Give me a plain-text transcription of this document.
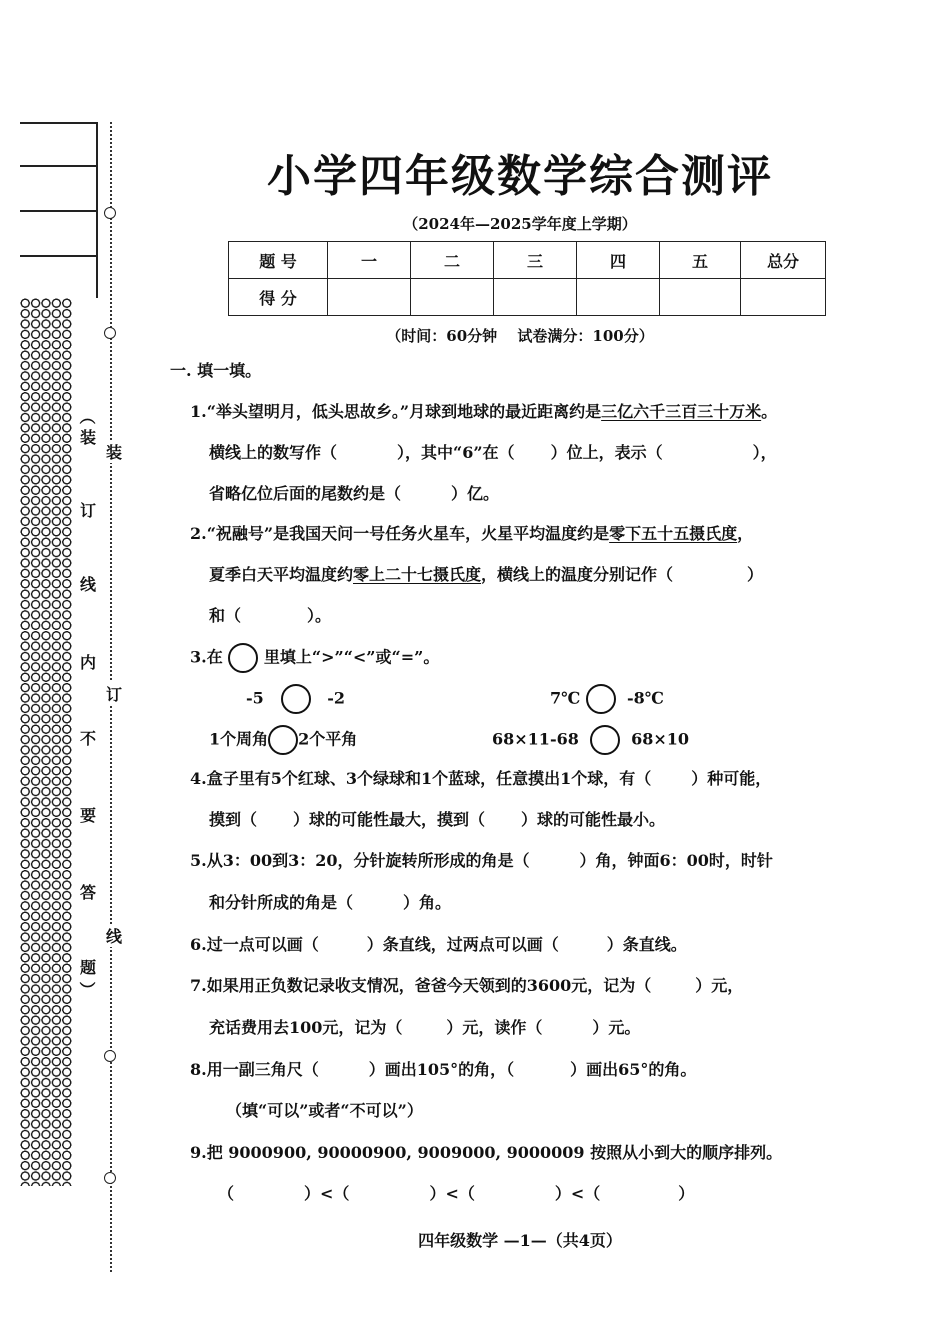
（
装
订
线
内
不
要
答
题
）
装
订
线
小学四年级数学综合测评
（2024年—2025学年度上学期）
题 号	一	二	三	四	五	总分
得 分						
（时间：60分钟　 试卷满分：100分）
一. 填一填。
1.“举头望明月，低头思故乡。”月球到地球的最近距离约是三亿六千三百三十万米。
横线上的数写作（	），其中“6”在（ ）位上，表示（	），
省略亿位后面的尾数约是（	）亿。
2.“祝融号”是我国天问一号任务火星车，火星平均温度约是零下五十五摄氏度，
夏季白天平均温度约零上二十七摄氏度，横线上的温度分别记作（	）
和（	）。
3.在	里填上“>”“<”或“=”。
-5	-2	7℃	-8℃
1个周角 2个平角	68×11-68	68×10
4.盒子里有5个红球、3个绿球和1个蓝球，任意摸出1个球，有（	）种可能，
摸到（ ）球的可能性最大，摸到（ ）球的可能性最小。
5.从3：00到3：20，分针旋转所形成的角是（	）角，钟面6：00时，时针
和分针所成的角是（	）角。
6.过一点可以画（	）条直线，过两点可以画（	）条直线。
7.如果用正负数记录收支情况，爸爸今天领到的3600元，记为（	）元，
充话费用去100元，记为（	）元，读作（	）元。
8.用一副三角尺（	）画出105°的角，（	）画出65°的角。
（填“可以”或者“不可以”）
9.把 9000900, 90000900, 9009000, 9000009 按照从小到大的顺序排列。
（	）<（	）<（	）<（	）
四年级数学 —1—（共4页）
